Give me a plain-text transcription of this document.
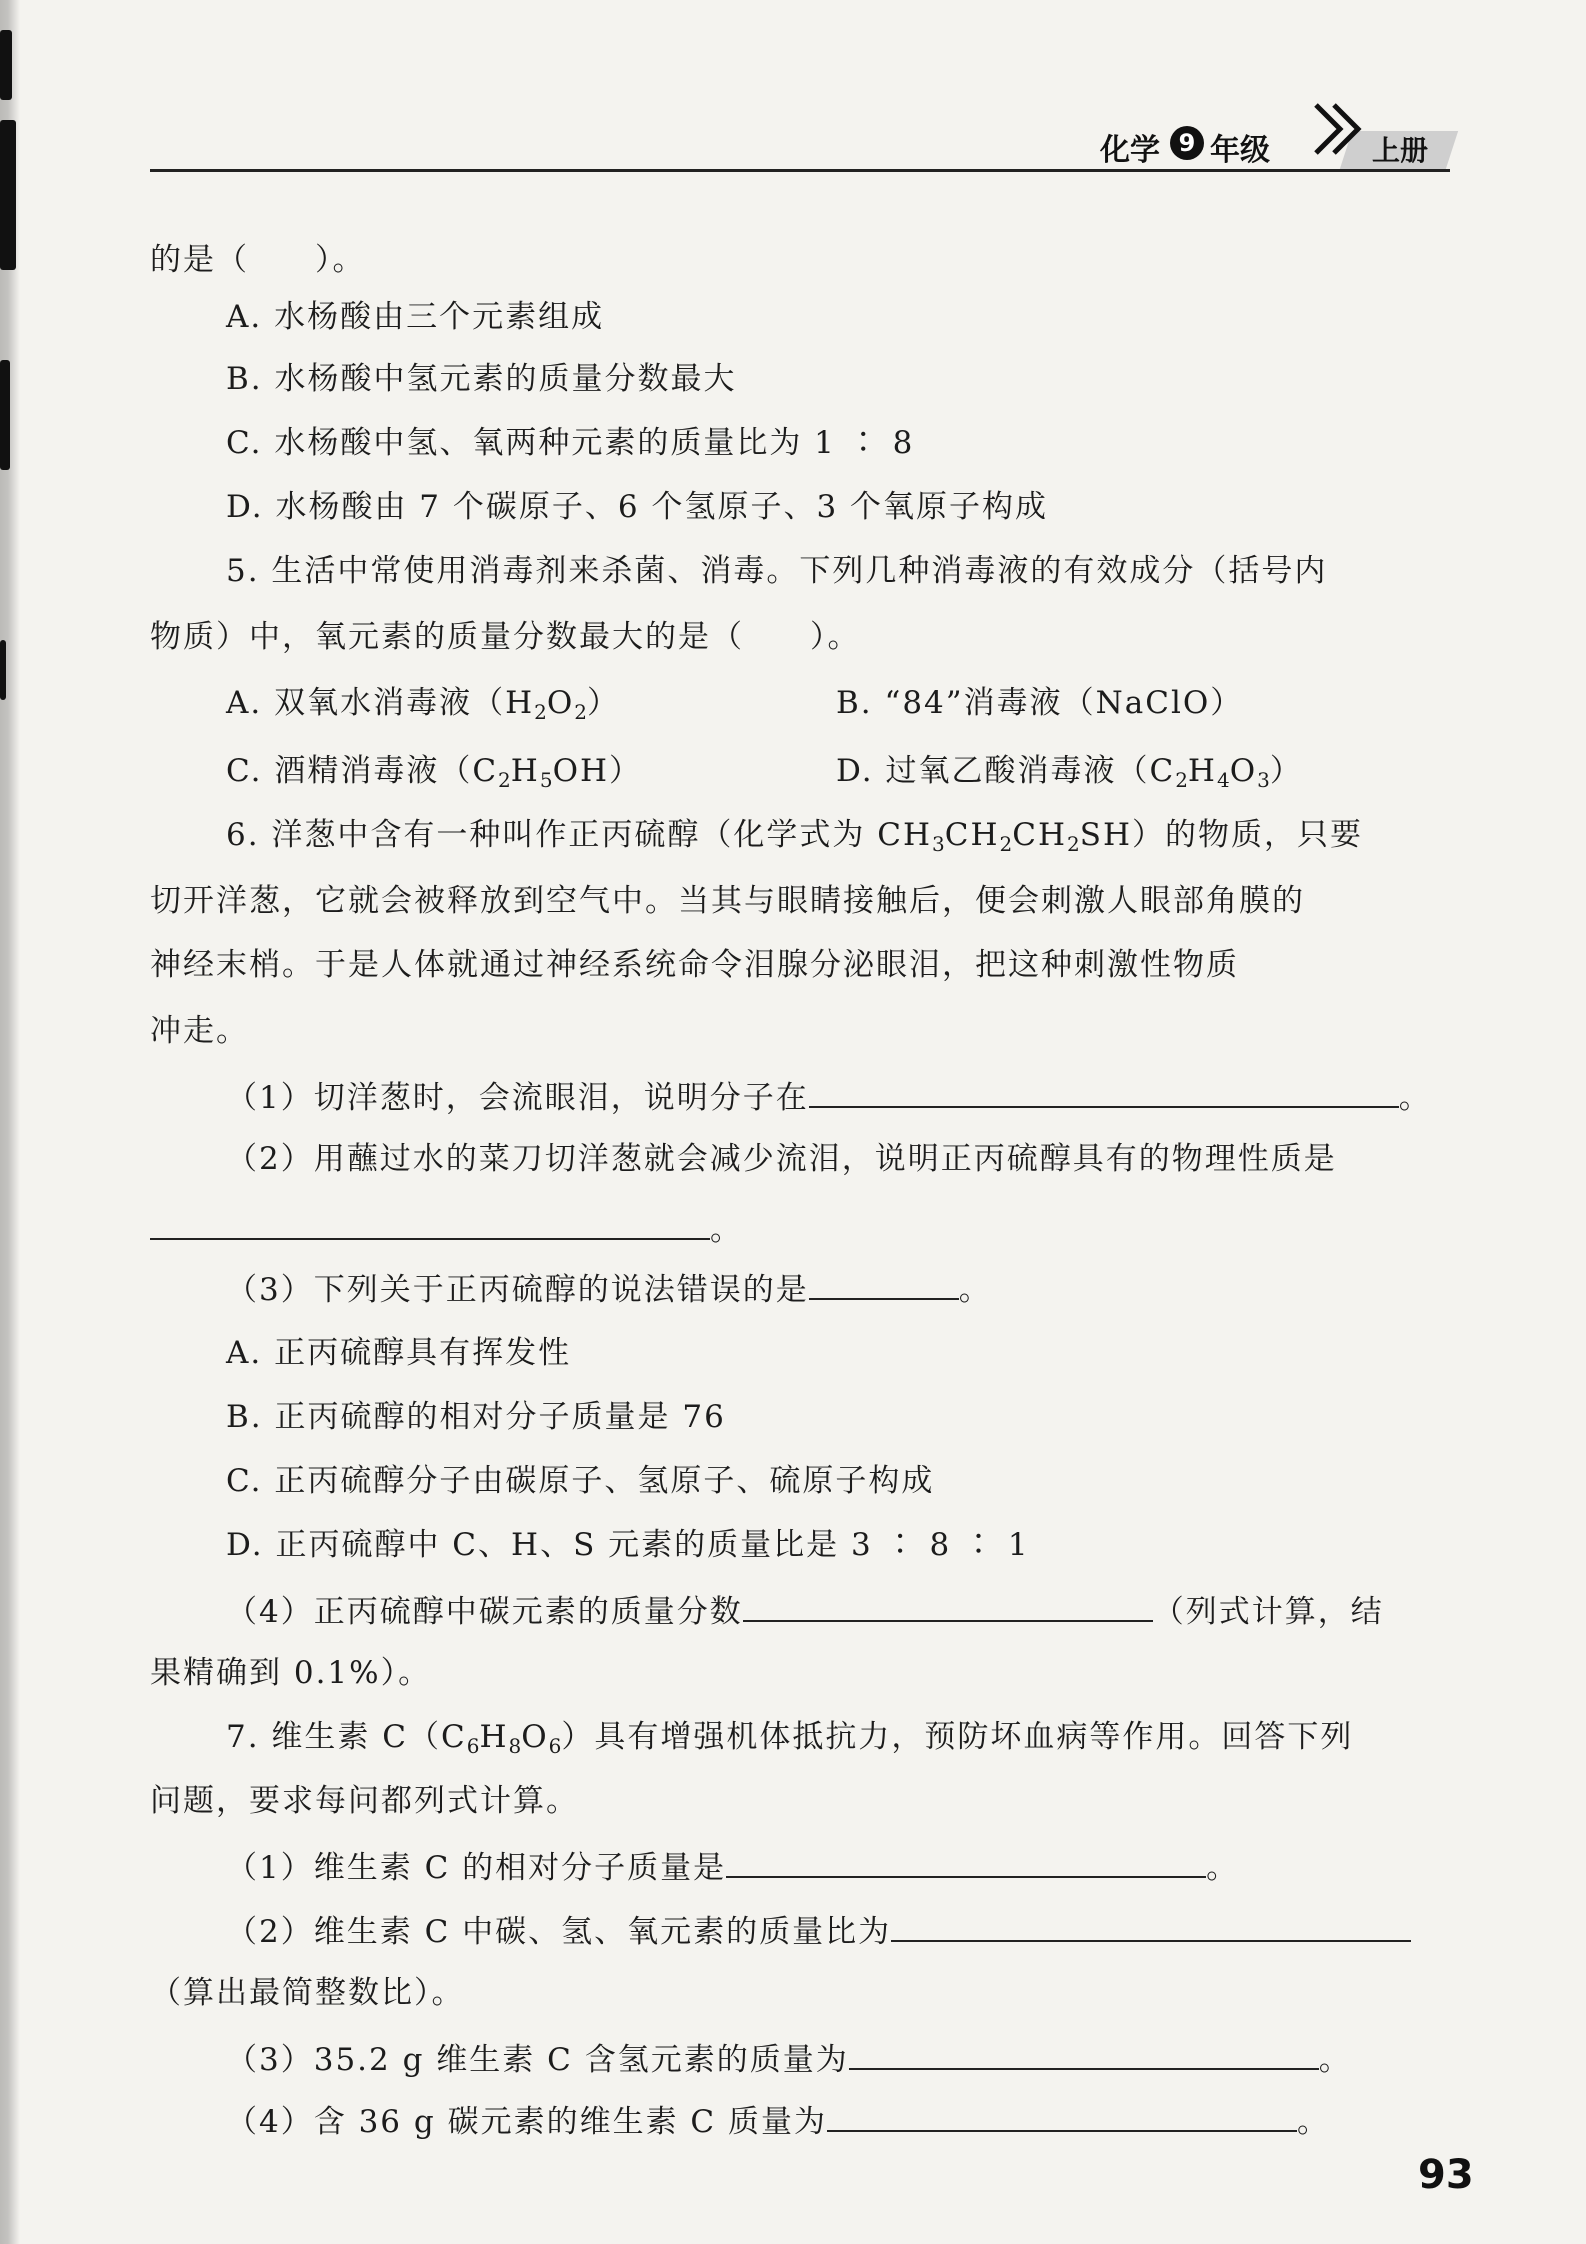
化学 9 年级	上册
的是（　　）。
A. 水杨酸由三个元素组成
B. 水杨酸中氢元素的质量分数最大
C. 水杨酸中氢、氧两种元素的质量比为 1 ∶ 8
D. 水杨酸由 7 个碳原子、6 个氢原子、3 个氧原子构成
5. 生活中常使用消毒剂来杀菌、消毒。下列几种消毒液的有效成分（括号内
物质）中，氧元素的质量分数最大的是（　　）。
A. 双氧水消毒液$(H_2O_2)$	B. “84”消毒液（NaClO）
C. 酒精消毒液$(C_2H_5OH)$	D. 过氧乙酸消毒液$(C_2H_4O_3)$
6. 洋葱中含有一种叫作正丙硫醇（化学式为 $CH_3CH_2CH_2SH$）的物质，只要
切开洋葱，它就会被释放到空气中。当其与眼睛接触后，便会刺激人眼部角膜的
神经末梢。于是人体就通过神经系统命令泪腺分泌眼泪，把这种刺激性物质
冲走。
（1）切洋葱时，会流眼泪，说明分子在	。
（2）用蘸过水的菜刀切洋葱就会减少流泪，说明正丙硫醇具有的物理性质是
。
（3）下列关于正丙硫醇的说法错误的是	。
A. 正丙硫醇具有挥发性
B. 正丙硫醇的相对分子质量是 76
C. 正丙硫醇分子由碳原子、氢原子、硫原子构成
D. 正丙硫醇中 C、H、S 元素的质量比是 3 ∶ 8 ∶ 1
（4）正丙硫醇中碳元素的质量分数	（列式计算，结
果精确到 0.1%）。
7. 维生素 $C(C_6H_8O_6)$具有增强机体抵抗力，预防坏血病等作用。回答下列
问题，要求每问都列式计算。
（1）维生素 C 的相对分子质量是	。
（2）维生素 C 中碳、氢、氧元素的质量比为
（算出最简整数比）。
（3）35.2 g 维生素 C 含氢元素的质量为	。
（4）含 36 g 碳元素的维生素 C 质量为	。
93
